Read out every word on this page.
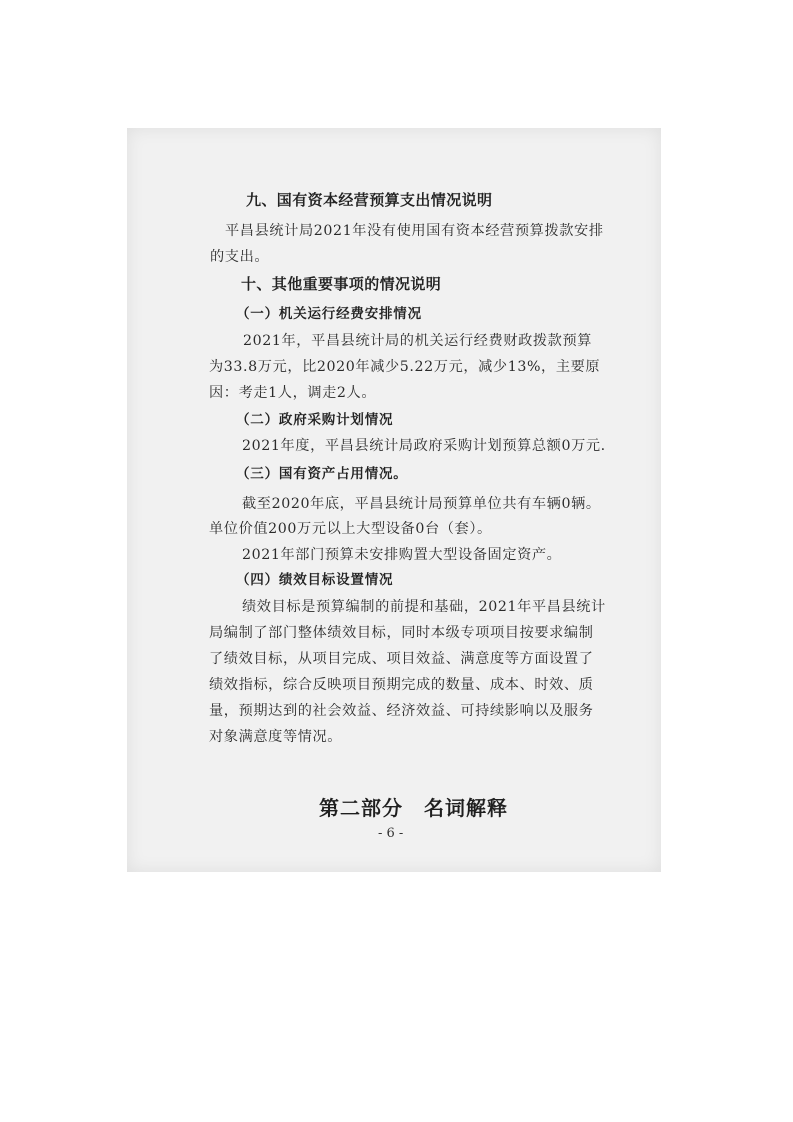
九、国有资本经营预算支出情况说明
平昌县统计局2021年没有使用国有资本经营预算拨款安排
的支出。
十、其他重要事项的情况说明
（一）机关运行经费安排情况
2021年，平昌县统计局的机关运行经费财政拨款预算
为33.8万元，比2020年减少5.22万元，减少13%，主要原
因：考走1人，调走2人。
（二）政府采购计划情况
2021年度，平昌县统计局政府采购计划预算总额0万元.
（三）国有资产占用情况。
截至2020年底，平昌县统计局预算单位共有车辆0辆。
单位价值200万元以上大型设备0台（套）。
2021年部门预算未安排购置大型设备固定资产。
（四）绩效目标设置情况
绩效目标是预算编制的前提和基础，2021年平昌县统计
局编制了部门整体绩效目标，同时本级专项项目按要求编制
了绩效目标，从项目完成、项目效益、满意度等方面设置了
绩效指标，综合反映项目预期完成的数量、成本、时效、质
量，预期达到的社会效益、经济效益、可持续影响以及服务
对象满意度等情况。
第二部分　名词解释
- 6 -
